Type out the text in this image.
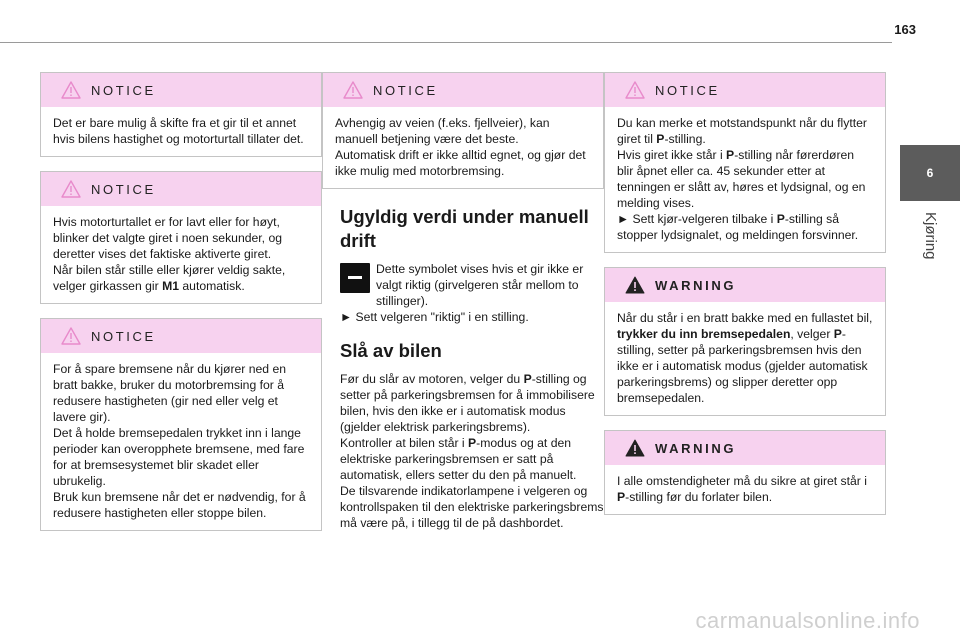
163
6
Kjøring
NOTICE

Det er bare mulig å skifte fra et gir til et annet hvis bilens hastighet og motorturtall tillater det.

NOTICE

Hvis motorturtallet er for lavt eller for høyt, blinker det valgte giret i noen sekunder, og deretter vises det faktiske aktiverte giret.

Når bilen står stille eller kjører veldig sakte, velger girkassen gir M1 automatisk.

NOTICE

For å spare bremsene når du kjører ned en bratt bakke, bruker du motorbremsing for å redusere hastigheten (gir ned eller velg et lavere gir).

Det å holde bremsepedalen trykket inn i lange perioder kan overopphete bremsene, med fare for at bremsesystemet blir skadet eller ubrukelig.

Bruk kun bremsene når det er nødvendig, for å redusere hastigheten eller stoppe bilen.

NOTICE

Avhengig av veien (f.eks. fjellveier), kan manuell betjening være det beste.

Automatisk drift er ikke alltid egnet, og gjør det ikke mulig med motorbremsing.

Ugyldig verdi under manuell drift

Dette symbolet vises hvis et gir ikke er valgt riktig (girvelgeren står mellom to stillinger).

► Sett velgeren "riktig" i en stilling.

Slå av bilen

Før du slår av motoren, velger du P-stilling og setter på parkeringsbremsen for å immobilisere bilen, hvis den ikke er i automatisk modus (gjelder elektrisk parkeringsbrems).

Kontroller at bilen står i P-modus og at den elektriske parkeringsbremsen er satt på automatisk, ellers setter du den på manuelt.

De tilsvarende indikatorlampene i velgeren og kontrollspaken til den elektriske parkeringsbrems må være på, i tillegg til de på dashbordet.

NOTICE

Du kan merke et motstandspunkt når du flytter giret til P-stilling.

Hvis giret ikke står i P-stilling når førerdøren blir åpnet eller ca. 45 sekunder etter at tenningen er slått av, høres et lydsignal, og en melding vises.

► Sett kjør-velgeren tilbake i P-stilling så stopper lydsignalet, og meldingen forsvinner.

WARNING

Når du står i en bratt bakke med en fullastet bil, trykker du inn bremsepedalen, velger P-stilling, setter på parkeringsbremsen hvis den ikke er i automatisk modus (gjelder automatisk parkeringsbrems) og slipper deretter opp bremsepedalen.

WARNING

I alle omstendigheter må du sikre at giret står i P-stilling før du forlater bilen.

carmanualsonline.info
